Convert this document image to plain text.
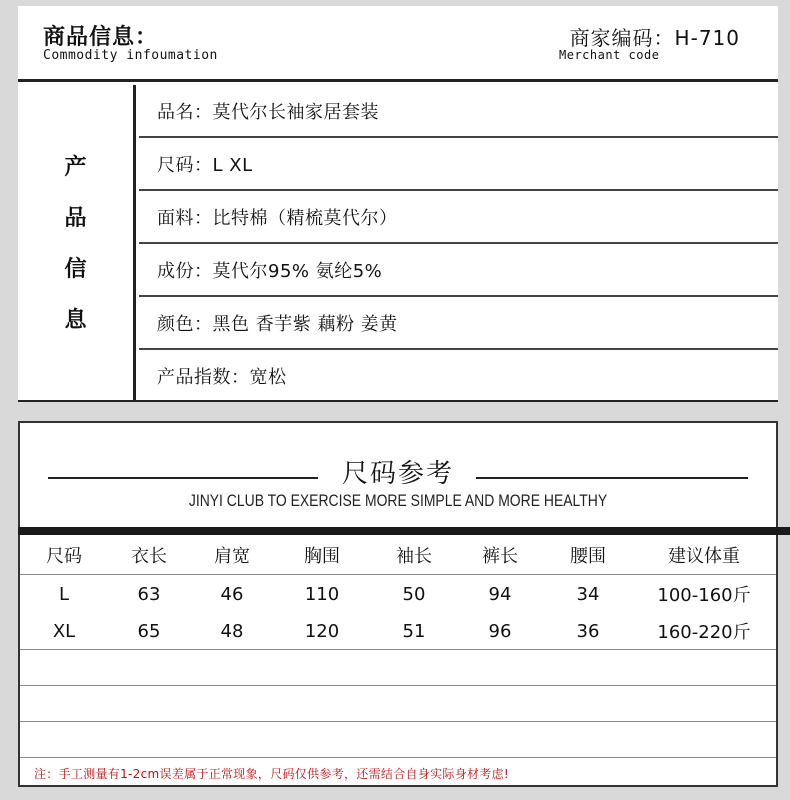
商品信息：
Commodity infoumation
商家编码：H-710
Merchant code
产
品
信
息
品名：莫代尔长袖家居套装
尺码：L XL
面料：比特棉（精梳莫代尔）
成份：莫代尔95% 氨纶5%
颜色：黑色 香芋紫 藕粉 姜黄
产品指数：宽松
尺码参考
JINYI CLUB TO EXERCISE MORE SIMPLE AND MORE HEALTHY
尺码	衣长	肩宽	胸围	袖长	裤长	腰围	建议体重
L	63	46	110	50	94	34	100-160斤
XL	65	48	120	51	96	36	160-220斤
注：手工测量有1-2cm误差属于正常现象，尺码仅供参考，还需结合自身实际身材考虑!
